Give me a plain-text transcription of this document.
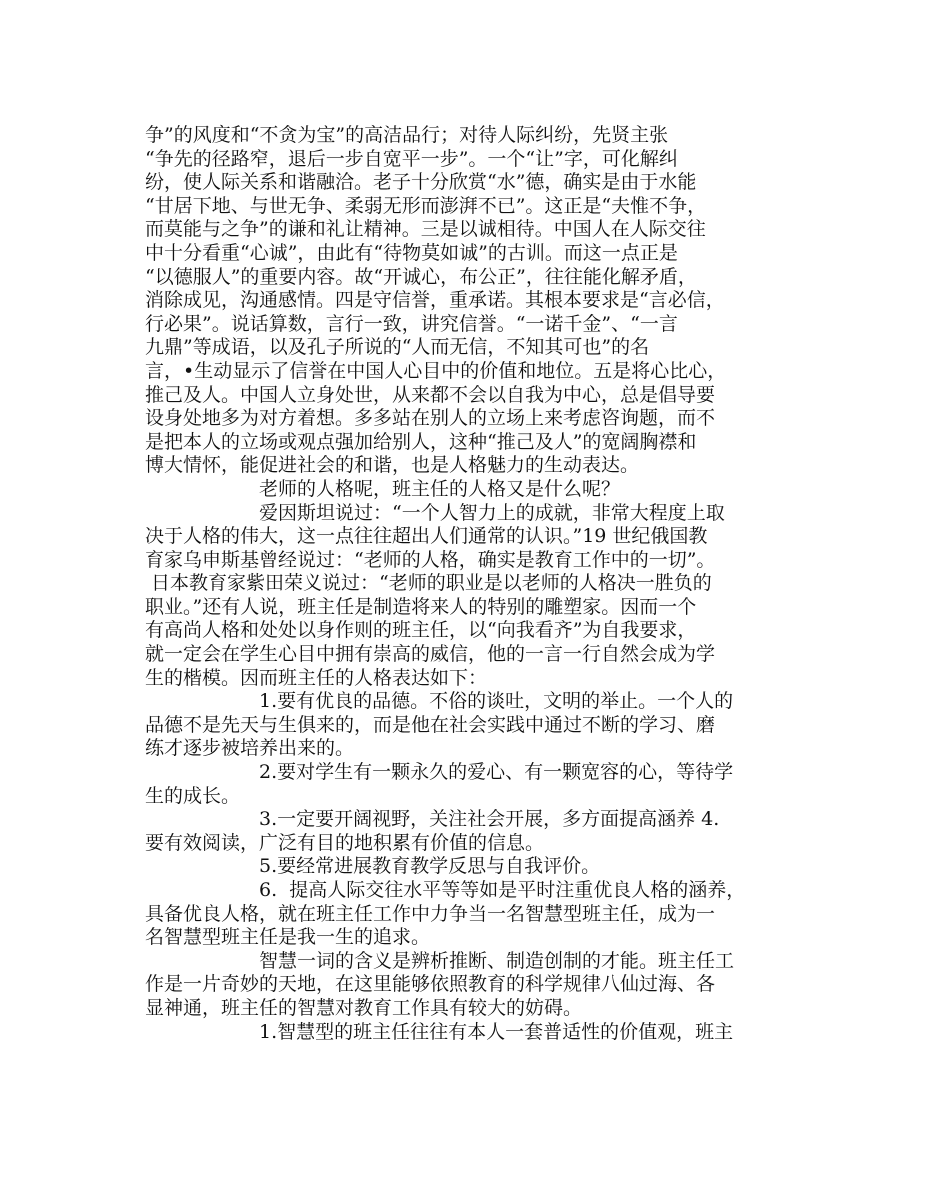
争”的风度和“不贪为宝”的高洁品行；对待人际纠纷，先贤主张
“争先的径路窄，退后一步自宽平一步”。一个“让”字，可化解纠
纷，使人际关系和谐融洽。老子十分欣赏“水”德，确实是由于水能
“甘居下地、与世无争、柔弱无形而澎湃不已”。这正是“夫惟不争，
而莫能与之争”的谦和礼让精神。三是以诚相待。中国人在人际交往
中十分看重“心诚”，由此有“待物莫如诚”的古训。而这一点正是
“以德服人”的重要内容。故“开诚心，布公正”，往往能化解矛盾，
消除成见，沟通感情。四是守信誉，重承诺。其根本要求是“言必信，
行必果”。说话算数，言行一致，讲究信誉。“一诺千金”、“一言
九鼎”等成语，以及孔子所说的“人而无信，不知其可也”的名
言，•生动显示了信誉在中国人心目中的价值和地位。五是将心比心，
推己及人。中国人立身处世，从来都不会以自我为中心，总是倡导要
设身处地多为对方着想。多多站在别人的立场上来考虑咨询题，而不
是把本人的立场或观点强加给别人，这种“推己及人”的宽阔胸襟和
博大情怀，能促进社会的和谐，也是人格魅力的生动表达。
老师的人格呢，班主任的人格又是什么呢？
爱因斯坦说过：“一个人智力上的成就，非常大程度上取
决于人格的伟大，这一点往往超出人们通常的认识。”19 世纪俄国教
育家乌申斯基曾经说过：“老师的人格，确实是教育工作中的一切”。
日本教育家紫田荣义说过：“老师的职业是以老师的人格决一胜负的
职业。”还有人说，班主任是制造将来人的特别的雕塑家。因而一个
有高尚人格和处处以身作则的班主任，以“向我看齐”为自我要求，
就一定会在学生心目中拥有崇高的威信，他的一言一行自然会成为学
生的楷模。因而班主任的人格表达如下：
1.要有优良的品德。不俗的谈吐，文明的举止。一个人的
品德不是先天与生俱来的，而是他在社会实践中通过不断的学习、磨
练才逐步被培养出来的。
2.要对学生有一颗永久的爱心、有一颗宽容的心，等待学
生的成长。
3.一定要开阔视野，关注社会开展，多方面提高涵养 4.
要有效阅读，广泛有目的地积累有价值的信息。
5.要经常进展教育教学反思与自我评价。
6.  提高人际交往水平等等如是平时注重优良人格的涵养，
具备优良人格，就在班主任工作中力争当一名智慧型班主任，成为一
名智慧型班主任是我一生的追求。
智慧一词的含义是辨析推断、制造创制的才能。班主任工
作是一片奇妙的天地，在这里能够依照教育的科学规律八仙过海、各
显神通，班主任的智慧对教育工作具有较大的妨碍。
1.智慧型的班主任往往有本人一套普适性的价值观，班主
